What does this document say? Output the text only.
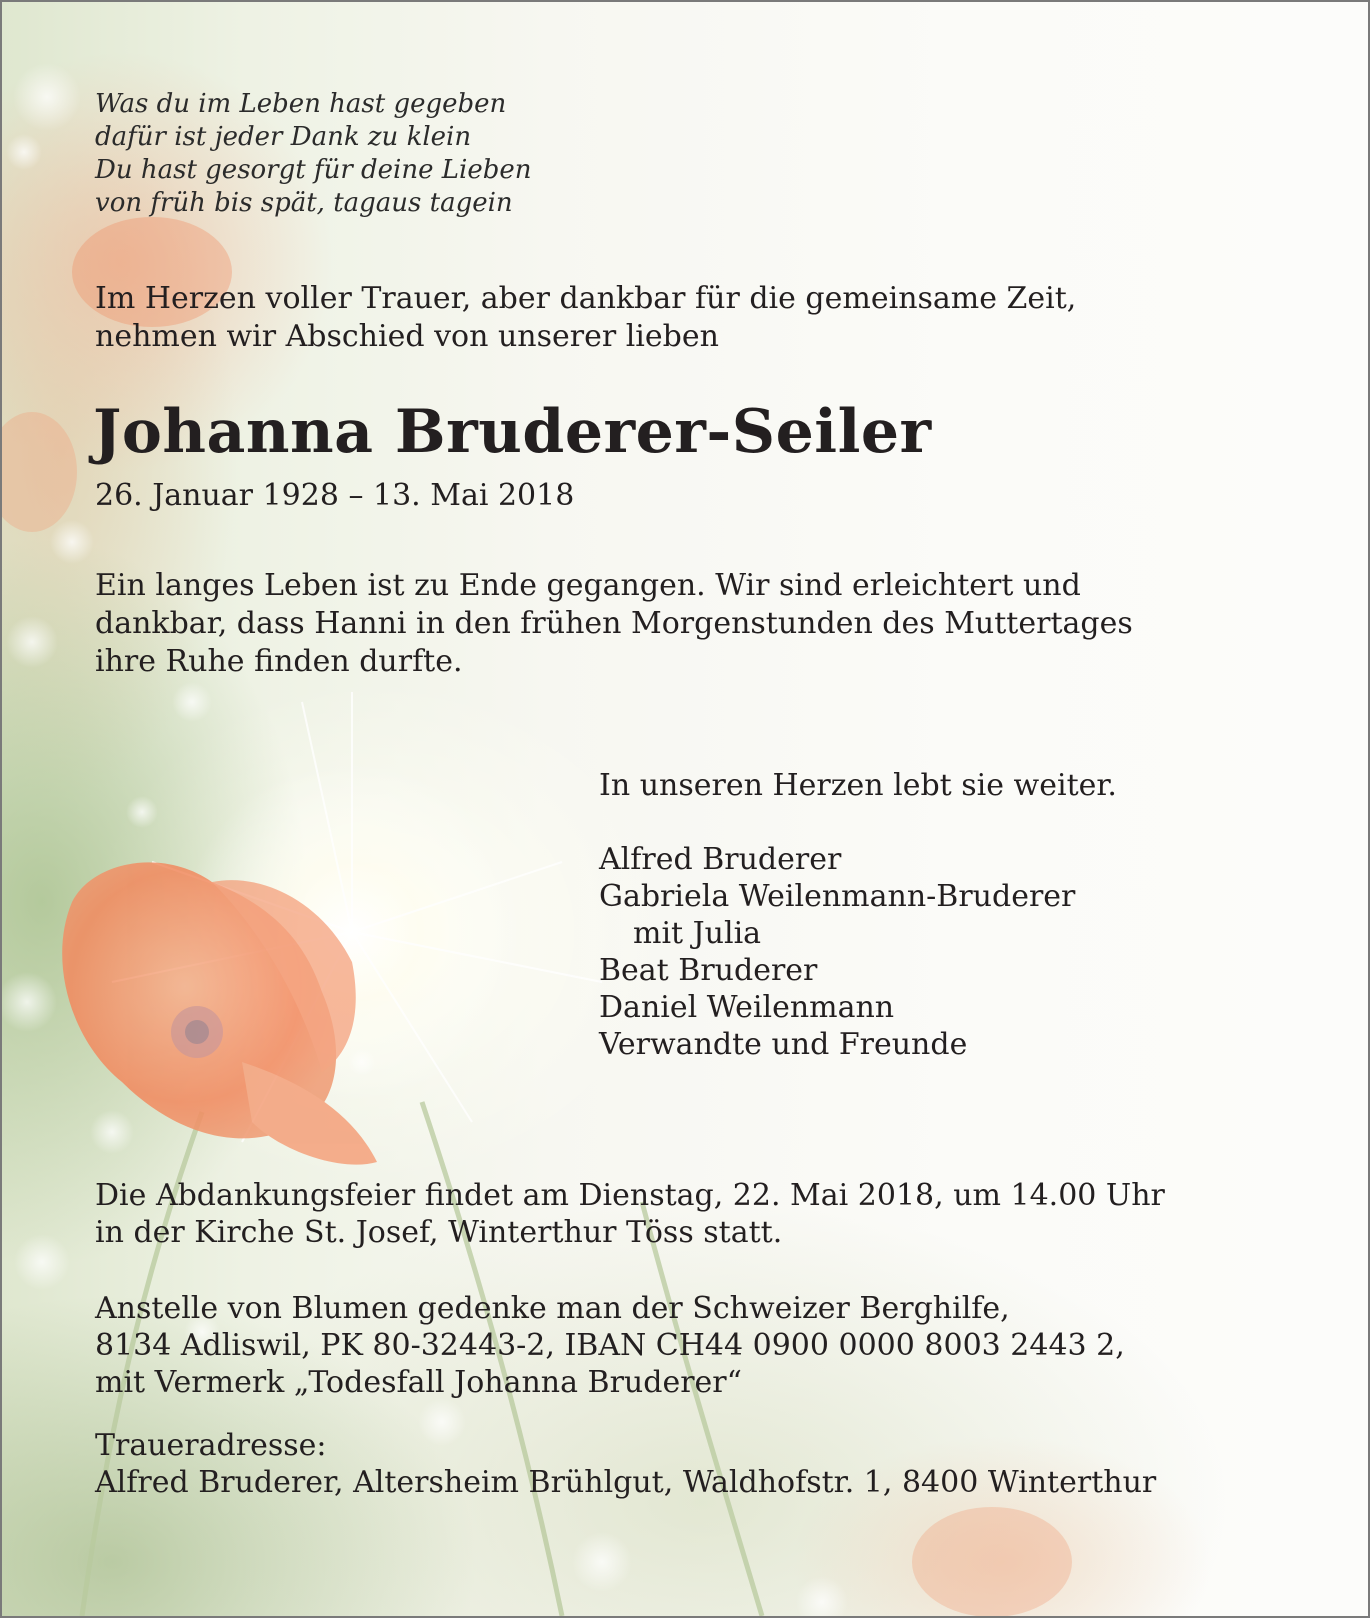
Was du im Leben hast gegeben
dafür ist jeder Dank zu klein
Du hast gesorgt für deine Lieben
von früh bis spät, tagaus tagein

Im Herzen voller Trauer, aber dankbar für die gemeinsame Zeit,
nehmen wir Abschied von unserer lieben

Johanna Bruderer-Seiler

26. Januar 1928 – 13. Mai 2018

Ein langes Leben ist zu Ende gegangen. Wir sind erleichtert und
dankbar, dass Hanni in den frühen Morgenstunden des Muttertages
ihre Ruhe finden durfte.

In unseren Herzen lebt sie weiter.
Alfred Bruderer
Gabriela Weilenmann-Bruderer
mit Julia
Beat Bruderer
Daniel Weilenmann
Verwandte und Freunde

Die Abdankungsfeier findet am Dienstag, 22. Mai 2018, um 14.00 Uhr
in der Kirche St. Josef, Winterthur Töss statt.

Anstelle von Blumen gedenke man der Schweizer Berghilfe,
8134 Adliswil, PK 80-32443-2, IBAN CH44 0900 0000 8003 2443 2,
mit Vermerk „Todesfall Johanna Bruderer“

Traueradresse:
Alfred Bruderer, Altersheim Brühlgut, Waldhofstr. 1, 8400 Winterthur
